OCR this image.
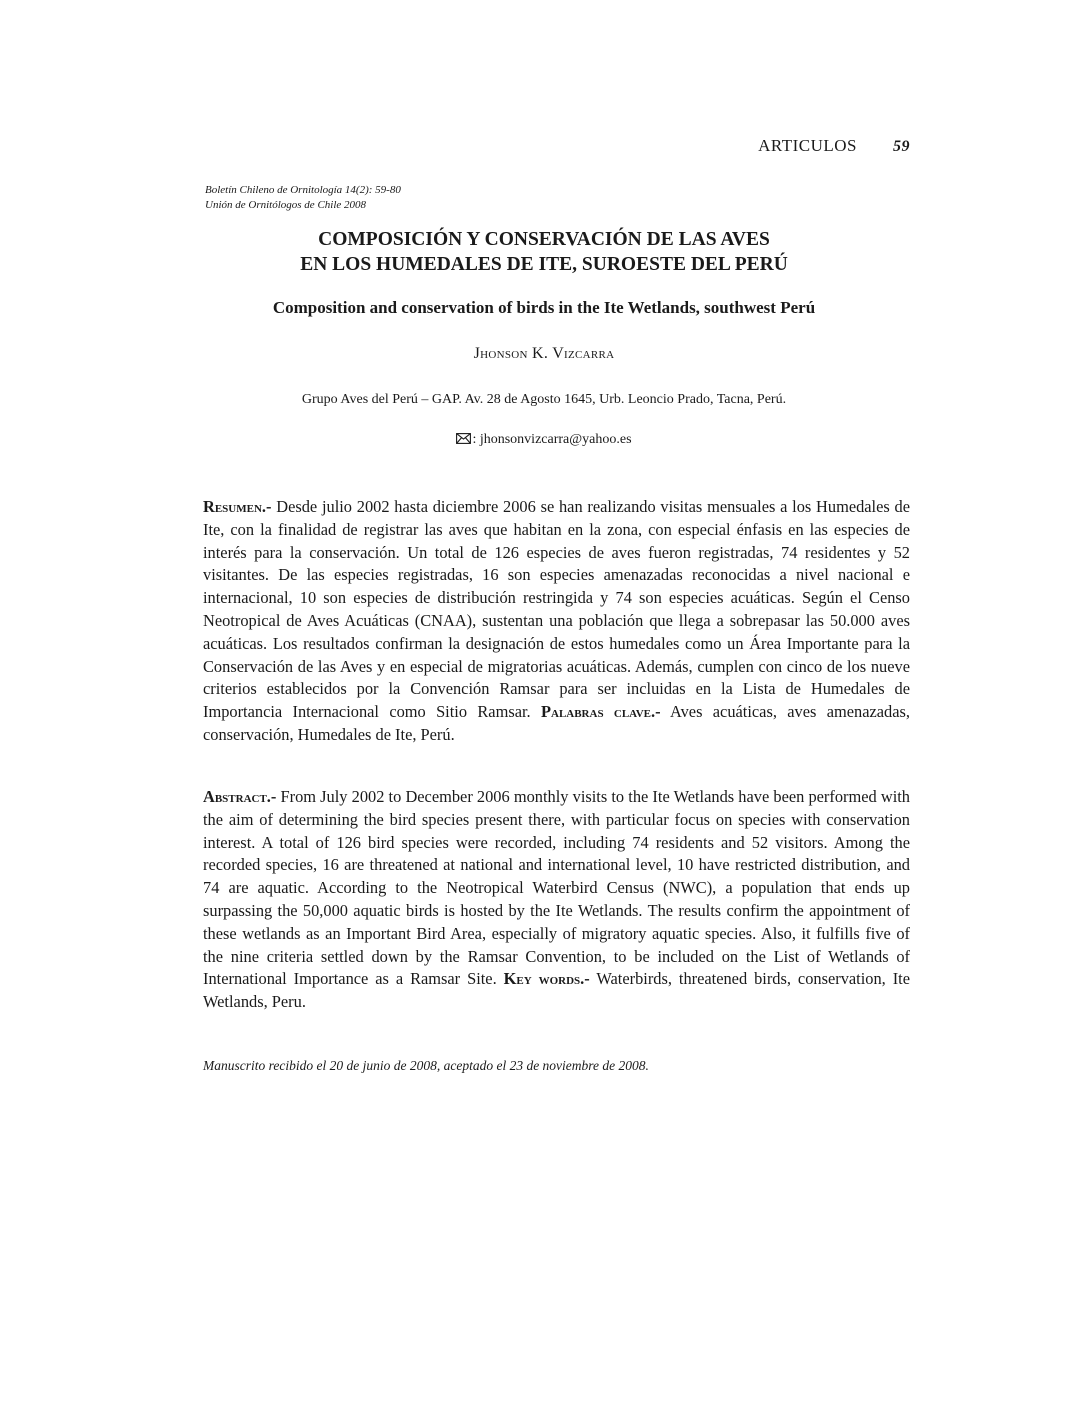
ARTICULOS 59
Boletín Chileno de Ornitología 14(2): 59-80
Unión de Ornitólogos de Chile 2008
COMPOSICIÓN Y CONSERVACIÓN DE LAS AVES
EN LOS HUMEDALES DE ITE, SUROESTE DEL PERÚ
Composition and conservation of birds in the Ite Wetlands, southwest Perú
Jhonson K. Vizcarra
Grupo Aves del Perú – GAP. Av. 28 de Agosto 1645, Urb. Leoncio Prado, Tacna, Perú.
: jhonsonvizcarra@yahoo.es

Resumen.- Desde julio 2002 hasta diciembre 2006 se han realizando visitas mensuales a los Humedales de Ite, con la finalidad de registrar las aves que habitan en la zona, con especial énfasis en las especies de interés para la conservación. Un total de 126 especies de aves fueron registradas, 74 residentes y 52 visitantes. De las especies registradas, 16 son especies amenazadas reconocidas a nivel nacional e internacional, 10 son especies de distribución restringida y 74 son especies acuáticas. Según el Censo Neotropical de Aves Acuáticas (CNAA), sustentan una población que llega a sobrepasar las 50.000 aves acuáticas. Los resultados confirman la designación de estos humedales como un Área Importante para la Conservación de las Aves y en especial de migratorias acuáticas. Además, cumplen con cinco de los nueve criterios establecidos por la Convención Ramsar para ser incluidas en la Lista de Humedales de Importancia Internacional como Sitio Ramsar. Palabras clave.- Aves acuáticas, aves amenazadas, conservación, Humedales de Ite, Perú.

Abstract.- From July 2002 to December 2006 monthly visits to the Ite Wetlands have been performed with the aim of determining the bird species present there, with particular focus on species with conservation interest. A total of 126 bird species were recorded, including 74 residents and 52 visitors. Among the recorded species, 16 are threatened at national and international level, 10 have restricted distribution, and 74 are aquatic. According to the Neotropical Waterbird Census (NWC), a population that ends up surpassing the 50,000 aquatic birds is hosted by the Ite Wetlands. The results confirm the appointment of these wetlands as an Important Bird Area, especially of migratory aquatic species. Also, it fulfills five of the nine criteria settled down by the Ramsar Convention, to be included on the List of Wetlands of International Importance as a Ramsar Site. Key words.- Waterbirds, threatened birds, conservation, Ite Wetlands, Peru.

Manuscrito recibido el 20 de junio de 2008, aceptado el 23 de noviembre de 2008.
